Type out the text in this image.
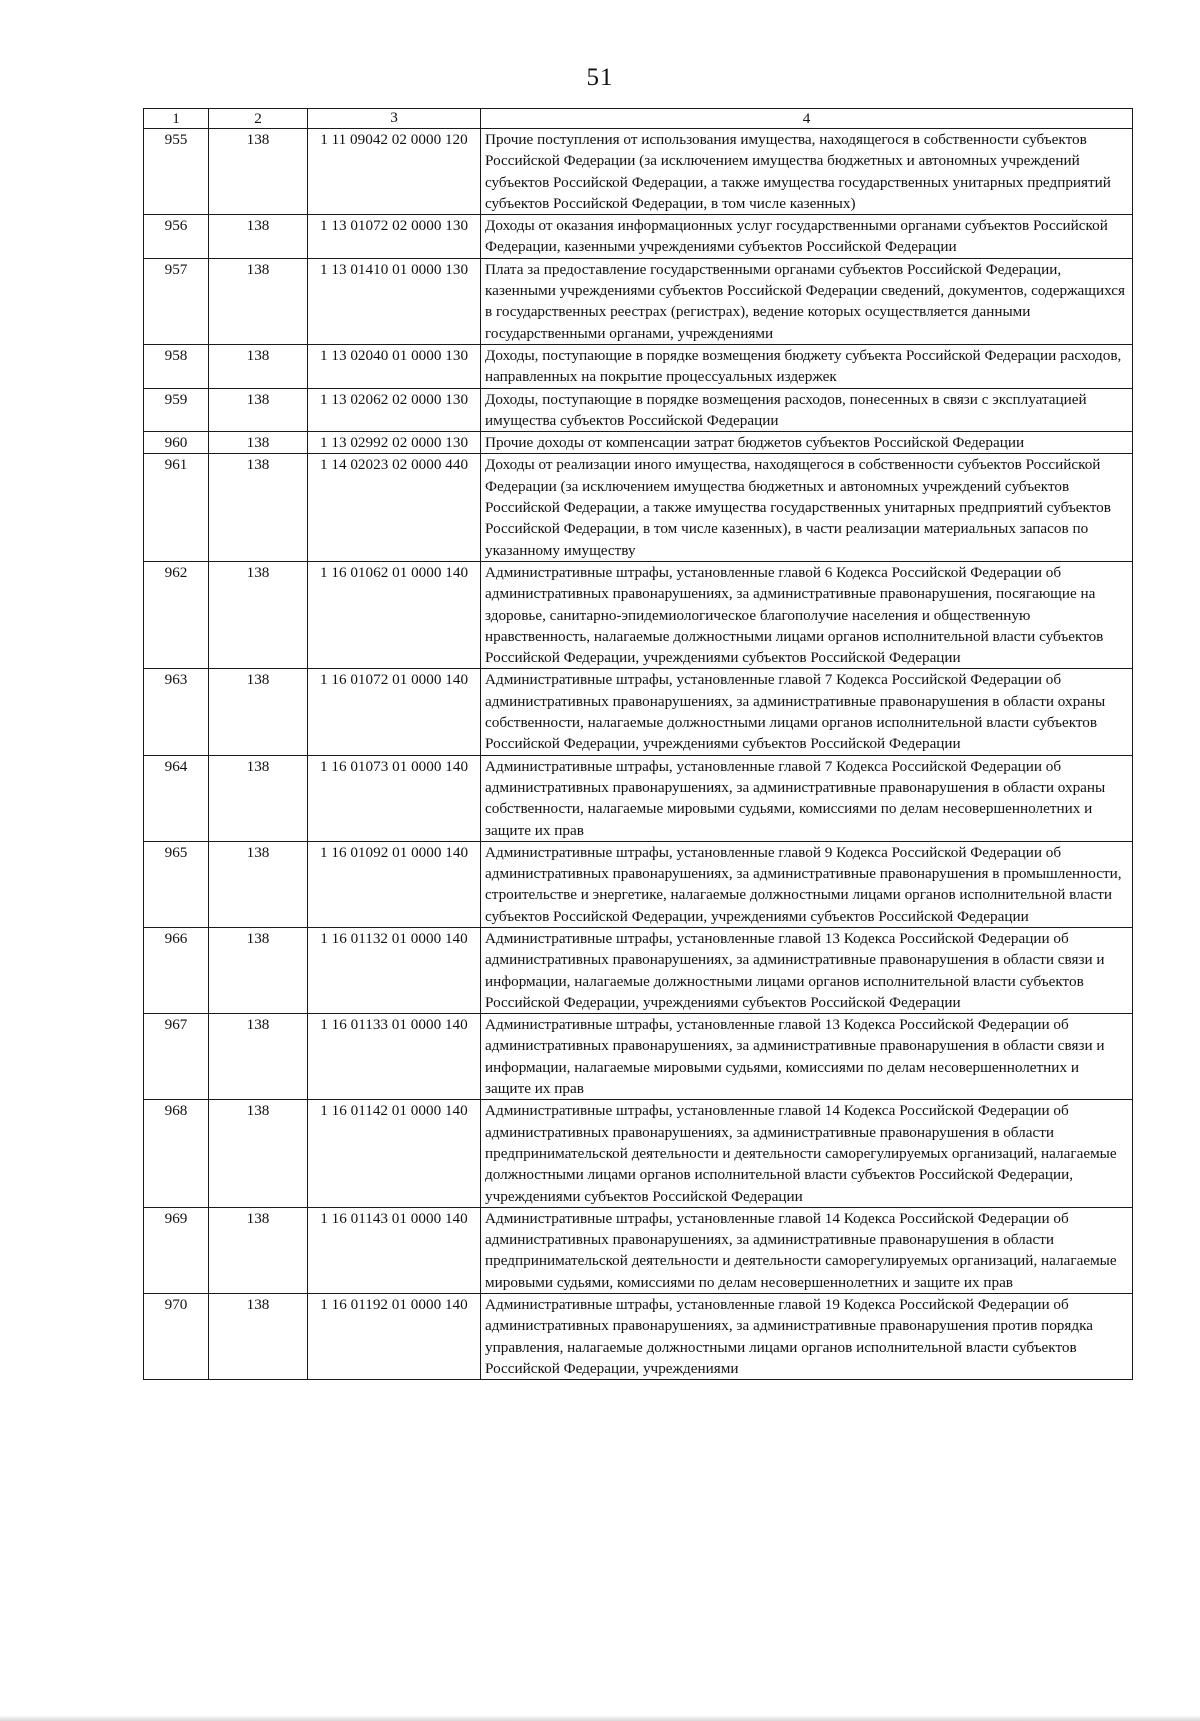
51
1	2	3	4
955	138	1 11 09042 02 0000 120	Прочие поступления от использования имущества, находящегося в собственности субъектов Российской Федерации (за исключением имущества бюджетных и автономных учреждений субъектов Российской Федерации, а также имущества государственных унитарных предприятий субъектов Российской Федерации, в том числе казенных)
956	138	1 13 01072 02 0000 130	Доходы от оказания информационных услуг государственными органами субъектов Российской Федерации, казенными учреждениями субъектов Российской Федерации
957	138	1 13 01410 01 0000 130	Плата за предоставление государственными органами субъектов Российской Федерации, казенными учреждениями субъектов Российской Федерации сведений, документов, содержащихся в государственных реестрах (регистрах), ведение которых осуществляется данными государственными органами, учреждениями
958	138	1 13 02040 01 0000 130	Доходы, поступающие в порядке возмещения бюджету субъекта Российской Федерации расходов, направленных на покрытие процессуальных издержек
959	138	1 13 02062 02 0000 130	Доходы, поступающие в порядке возмещения расходов, понесенных в связи с эксплуатацией имущества субъектов Российской Федерации
960	138	1 13 02992 02 0000 130	Прочие доходы от компенсации затрат бюджетов субъектов Российской Федерации
961	138	1 14 02023 02 0000 440	Доходы от реализации иного имущества, находящегося в собственности субъектов Российской Федерации (за исключением имущества бюджетных и автономных учреждений субъектов Российской Федерации, а также имущества государственных унитарных предприятий субъектов Российской Федерации, в том числе казенных), в части реализации материальных запасов по указанному имуществу
962	138	1 16 01062 01 0000 140	Административные штрафы, установленные главой 6 Кодекса Российской Федерации об административных правонарушениях, за административные правонарушения, посягающие на здоровье, санитарно-эпидемиологическое благополучие населения и общественную нравственность, налагаемые должностными лицами органов исполнительной власти субъектов Российской Федерации, учреждениями субъектов Российской Федерации
963	138	1 16 01072 01 0000 140	Административные штрафы, установленные главой 7 Кодекса Российской Федерации об административных правонарушениях, за административные правонарушения в области охраны собственности, налагаемые должностными лицами органов исполнительной власти субъектов Российской Федерации, учреждениями субъектов Российской Федерации
964	138	1 16 01073 01 0000 140	Административные штрафы, установленные главой 7 Кодекса Российской Федерации об административных правонарушениях, за административные правонарушения в области охраны собственности, налагаемые мировыми судьями, комиссиями по делам несовершеннолетних и защите их прав
965	138	1 16 01092 01 0000 140	Административные штрафы, установленные главой 9 Кодекса Российской Федерации об административных правонарушениях, за административные правонарушения в промышленности, строительстве и энергетике, налагаемые должностными лицами органов исполнительной власти субъектов Российской Федерации, учреждениями субъектов Российской Федерации
966	138	1 16 01132 01 0000 140	Административные штрафы, установленные главой 13 Кодекса Российской Федерации об административных правонарушениях, за административные правонарушения в области связи и информации, налагаемые должностными лицами органов исполнительной власти субъектов Российской Федерации, учреждениями субъектов Российской Федерации
967	138	1 16 01133 01 0000 140	Административные штрафы, установленные главой 13 Кодекса Российской Федерации об административных правонарушениях, за административные правонарушения в области связи и информации, налагаемые мировыми судьями, комиссиями по делам несовершеннолетних и защите их прав
968	138	1 16 01142 01 0000 140	Административные штрафы, установленные главой 14 Кодекса Российской Федерации об административных правонарушениях, за административные правонарушения в области предпринимательской деятельности и деятельности саморегулируемых организаций, налагаемые должностными лицами органов исполнительной власти субъектов Российской Федерации, учреждениями субъектов Российской Федерации
969	138	1 16 01143 01 0000 140	Административные штрафы, установленные главой 14 Кодекса Российской Федерации об административных правонарушениях, за административные правонарушения в области предпринимательской деятельности и деятельности саморегулируемых организаций, налагаемые мировыми судьями, комиссиями по делам несовершеннолетних и защите их прав
970	138	1 16 01192 01 0000 140	Административные штрафы, установленные главой 19 Кодекса Российской Федерации об административных правонарушениях, за административные правонарушения против порядка управления, налагаемые должностными лицами органов исполнительной власти субъектов Российской Федерации, учреждениями
